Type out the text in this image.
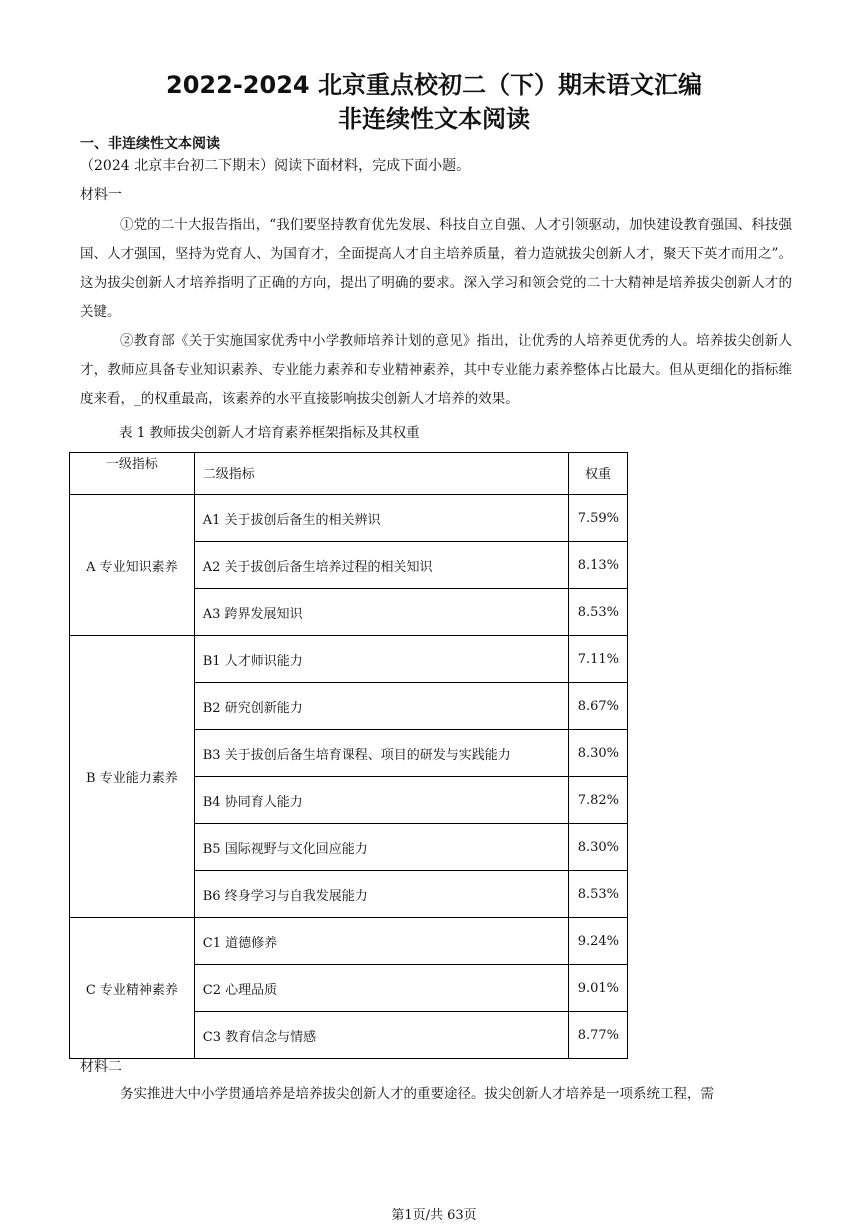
2022-2024 北京重点校初二（下）期末语文汇编
非连续性文本阅读
一、非连续性文本阅读
（2024 北京丰台初二下期末）阅读下面材料，完成下面小题。
材料一

①党的二十大报告指出，“我们要坚持教育优先发展、科技自立自强、人才引领驱动，加快建设教育强国、科技强国、人才强国，坚持为党育人、为国育才，全面提高人才自主培养质量，着力造就拔尖创新人才，聚天下英才而用之”。这为拔尖创新人才培养指明了正确的方向，提出了明确的要求。深入学习和领会党的二十大精神是培养拔尖创新人才的关键。

②教育部《关于实施国家优秀中小学教师培养计划的意见》指出，让优秀的人培养更优秀的人。培养拔尖创新人才，教师应具备专业知识素养、专业能力素养和专业精神素养，其中专业能力素养整体占比最大。但从更细化的指标维度来看，_的权重最高，该素养的水平直接影响拔尖创新人才培养的效果。

表 1 教师拔尖创新人才培育素养框架指标及其权重
一级指标	二级指标	权重
A 专业知识素养	A1 关于拔创后备生的相关辨识	7.59%
	A2 关于拔创后备生培养过程的相关知识	8.13%
	A3 跨界发展知识	8.53%
B 专业能力素养	B1 人才师识能力	7.11%
	B2 研究创新能力	8.67%
	B3 关于拔创后备生培育课程、项目的研发与实践能力	8.30%
	B4 协同育人能力	7.82%
	B5 国际视野与文化回应能力	8.30%
	B6 终身学习与自我发展能力	8.53%
C 专业精神素养	C1 道德修养	9.24%
	C2 心理品质	9.01%
	C3 教育信念与情感	8.77%
材料二

务实推进大中小学贯通培养是培养拔尖创新人才的重要途径。拔尖创新人才培养是一项系统工程，需

第1页/共 63页
